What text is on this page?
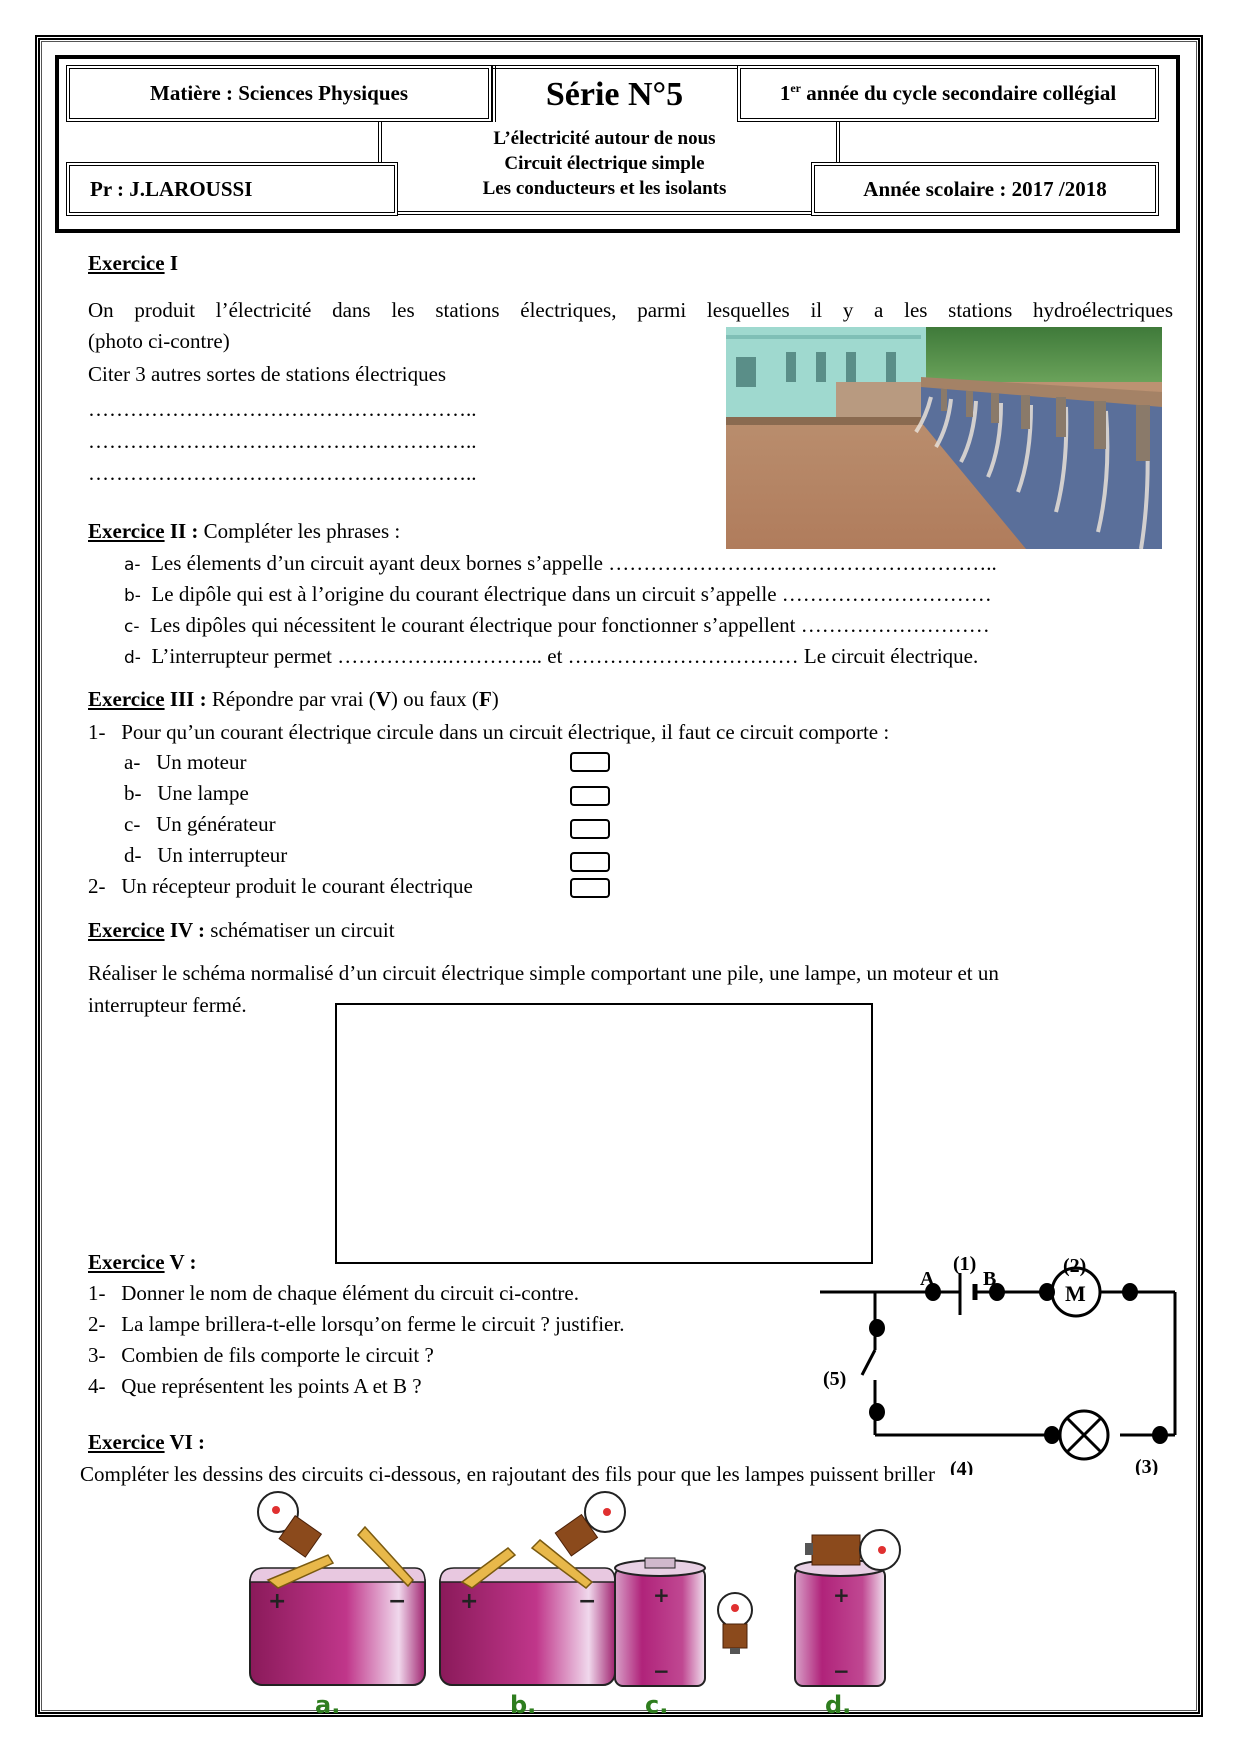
Matière : Sciences Physiques	1er année du cycle secondaire collégial
Pr : J.LAROUSSI	Année scolaire : 2017 /2018
Série N°5
L’électricité autour de nous
Circuit électrique simple
Les conducteurs et les isolants
Exercice I
On produit l’électricité dans les stations électriques, parmi lesquelles il y a les stations hydroélectriques
(photo ci-contre)
Citer 3 autres sortes de stations électriques
………………………………………………..
………………………………………………..
………………………………………………..
Exercice II : Compléter les phrases :
a- Les élements d’un circuit ayant deux bornes s’appelle ………………………………………………..
b- Le dipôle qui est à l’origine du courant électrique dans un circuit s’appelle …………………………
c- Les dipôles qui nécessitent le courant électrique pour fonctionner s’appellent ………………………
d- L’interrupteur permet …………….………….. et …………………………… Le circuit électrique.
Exercice III : Répondre par vrai (V) ou faux (F)
1- Pour qu’un courant électrique circule dans un circuit électrique, il faut ce circuit comporte :
a- Un moteur
b- Une lampe
c- Un générateur
d- Un interrupteur
2- Un récepteur produit le courant électrique
Exercice IV : schématiser un circuit
Réaliser le schéma normalisé d’un circuit électrique simple comportant une pile, une lampe, un moteur et un
interrupteur fermé.
Exercice V :
1- Donner le nom de chaque élément du circuit ci-contre.
2- La lampe brillera-t-elle lorsqu’on ferme le circuit ? justifier.
3- Combien de fils comporte le circuit ?
4- Que représentent les points A et B ?
(1)
A B
(2)
M
(5)
(4)	(3)
Exercice VI :
Compléter les dessins des circuits ci-dessous, en rajoutant des fils pour que les lampes puissent briller
+	−
a.
+	−
b.
+
−
c.
+
−
d.
